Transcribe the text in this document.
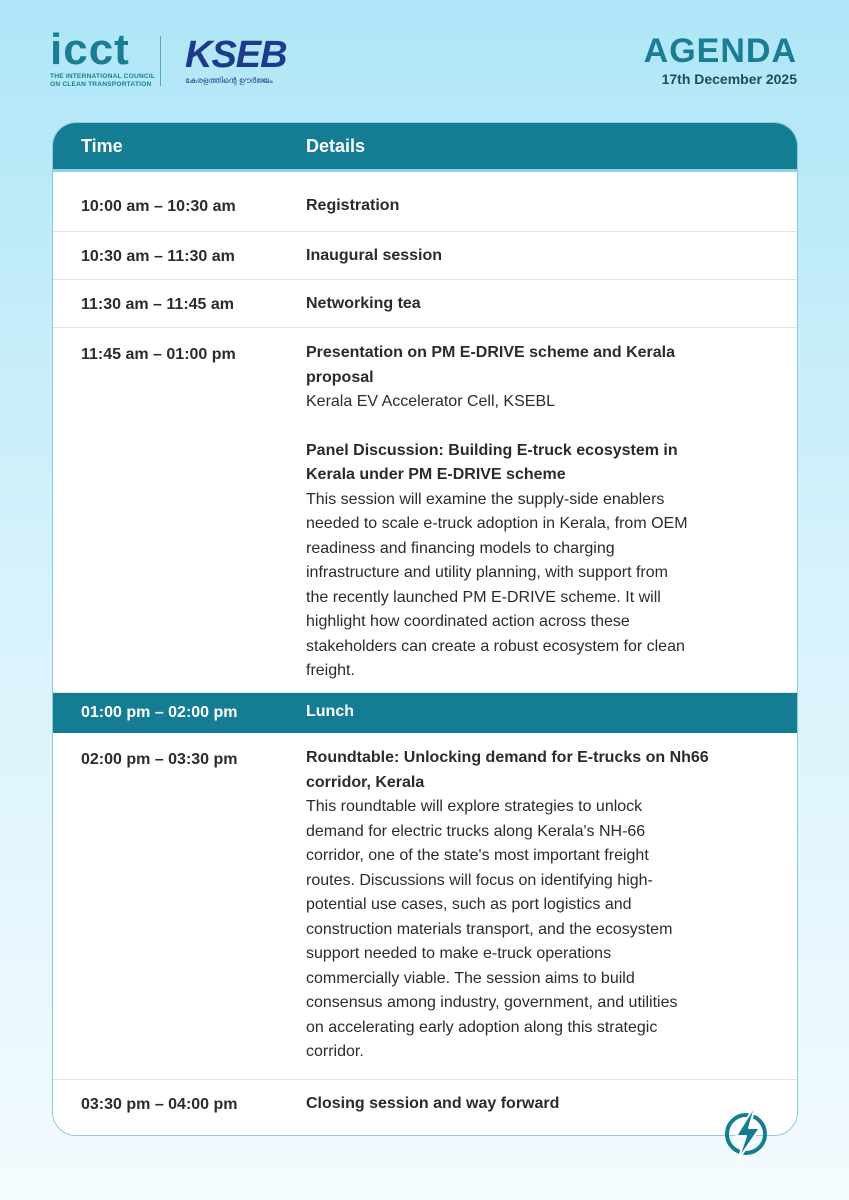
icct
THE INTERNATIONAL COUNCIL
ON CLEAN TRANSPORTATION
KSEB
കേരളത്തിന്റെ ഊർജ്ജം
AGENDA
17th December 2025
Time	Details
10:00 am – 10:30 am	Registration
10:30 am – 11:30 am	Inaugural session
11:30 am – 11:45 am	Networking tea
11:45 am – 01:00 pm	Presentation on PM E-DRIVE scheme and Kerala
proposal
Kerala EV Accelerator Cell, KSEBL
Panel Discussion: Building E-truck ecosystem in
Kerala under PM E-DRIVE scheme
This session will examine the supply-side enablers
needed to scale e-truck adoption in Kerala, from OEM
readiness and financing models to charging
infrastructure and utility planning, with support from
the recently launched PM E-DRIVE scheme. It will
highlight how coordinated action across these
stakeholders can create a robust ecosystem for clean
freight.
01:00 pm – 02:00 pm	Lunch
02:00 pm – 03:30 pm	Roundtable: Unlocking demand for E-trucks on Nh66
corridor, Kerala
This roundtable will explore strategies to unlock
demand for electric trucks along Kerala's NH-66
corridor, one of the state's most important freight
routes. Discussions will focus on identifying high-
potential use cases, such as port logistics and
construction materials transport, and the ecosystem
support needed to make e-truck operations
commercially viable. The session aims to build
consensus among industry, government, and utilities
on accelerating early adoption along this strategic
corridor.
03:30 pm – 04:00 pm	Closing session and way forward
